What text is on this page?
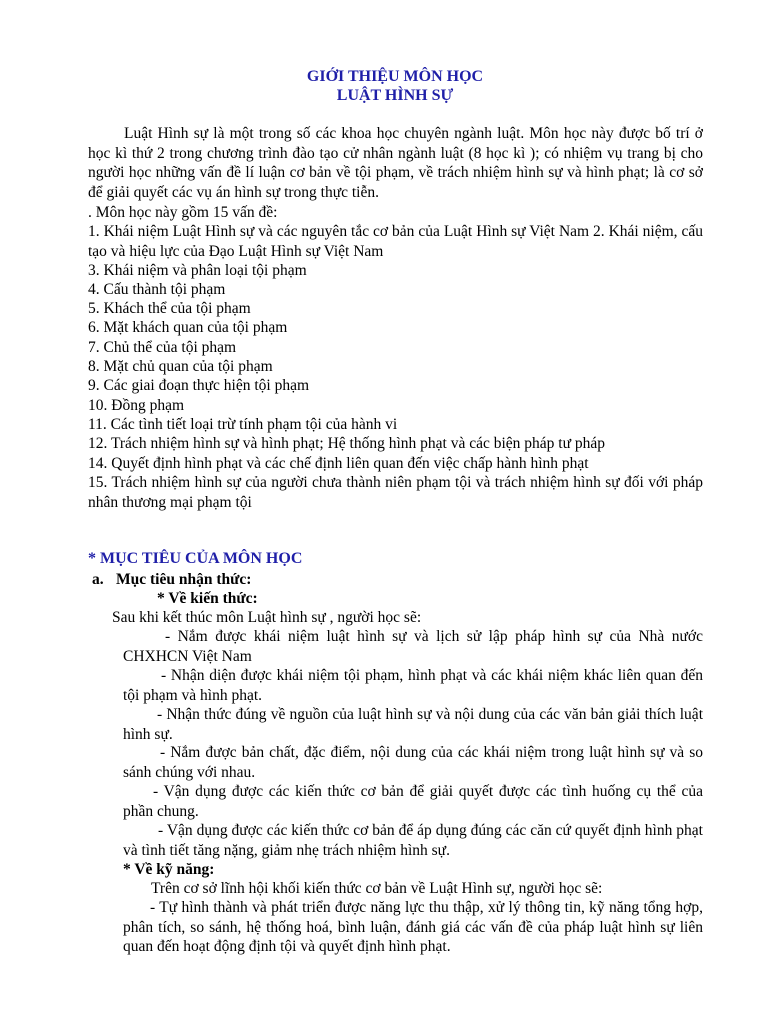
GIỚI THIỆU MÔN HỌC
LUẬT HÌNH SỰ
Luật Hình sự là một trong số các khoa học chuyên ngành luật. Môn học này được bố trí ở học kì thứ 2 trong chương trình đào tạo cử nhân ngành luật (8 học kì ); có nhiệm vụ trang bị cho người học những vấn đề lí luận cơ bản về tội phạm, về trách nhiệm hình sự và hình phạt; là cơ sở để giải quyết các vụ án hình sự trong thực tiễn.
. Môn học này gồm 15 vấn đề:
1. Khái niệm Luật Hình sự và các nguyên tắc cơ bản của Luật Hình sự Việt Nam 2. Khái niệm, cấu tạo và hiệu lực của Đạo Luật Hình sự Việt Nam
3. Khái niệm và phân loại tội phạm
4. Cấu thành tội phạm
5. Khách thể của tội phạm
6. Mặt khách quan của tội phạm
7. Chủ thể của tội phạm
8. Mặt chủ quan của tội phạm
9. Các giai đoạn thực hiện tội phạm
10. Đồng phạm
11. Các tình tiết loại trừ tính phạm tội của hành vi
12. Trách nhiệm hình sự và hình phạt; Hệ thống hình phạt và các biện pháp tư pháp
14. Quyết định hình phạt và các chế định liên quan đến việc chấp hành hình phạt
15. Trách nhiệm hình sự của người chưa thành niên phạm tội và trách nhiệm hình sự đối với pháp nhân thương mại phạm tội
* MỤC TIÊU CỦA MÔN HỌC
a. Mục tiêu nhận thức:
* Về kiến thức:
Sau khi kết thúc môn Luật hình sự , người học sẽ:
- Nắm được khái niệm luật hình sự và lịch sử lập pháp hình sự của Nhà nước CHXHCN Việt Nam
- Nhận diện được khái niệm tội phạm, hình phạt và các khái niệm khác liên quan đến tội phạm và hình phạt.
- Nhận thức đúng về nguồn của luật hình sự và nội dung của các văn bản giải thích luật hình sự.
- Nắm được bản chất, đặc điểm, nội dung của các khái niệm trong luật hình sự và so sánh chúng với nhau.
- Vận dụng được các kiến thức cơ bản để giải quyết được các tình huống cụ thể của phần chung.
- Vận dụng được các kiến thức cơ bản để áp dụng đúng các căn cứ quyết định hình phạt và tình tiết tăng nặng, giảm nhẹ trách nhiệm hình sự.
* Về kỹ năng:
Trên cơ sở lĩnh hội khối kiến thức cơ bản về Luật Hình sự, người học sẽ:
- Tự hình thành và phát triển được năng lực thu thập, xử lý thông tin, kỹ năng tổng hợp, phân tích, so sánh, hệ thống hoá, bình luận, đánh giá các vấn đề của pháp luật hình sự liên quan đến hoạt động định tội và quyết định hình phạt.
